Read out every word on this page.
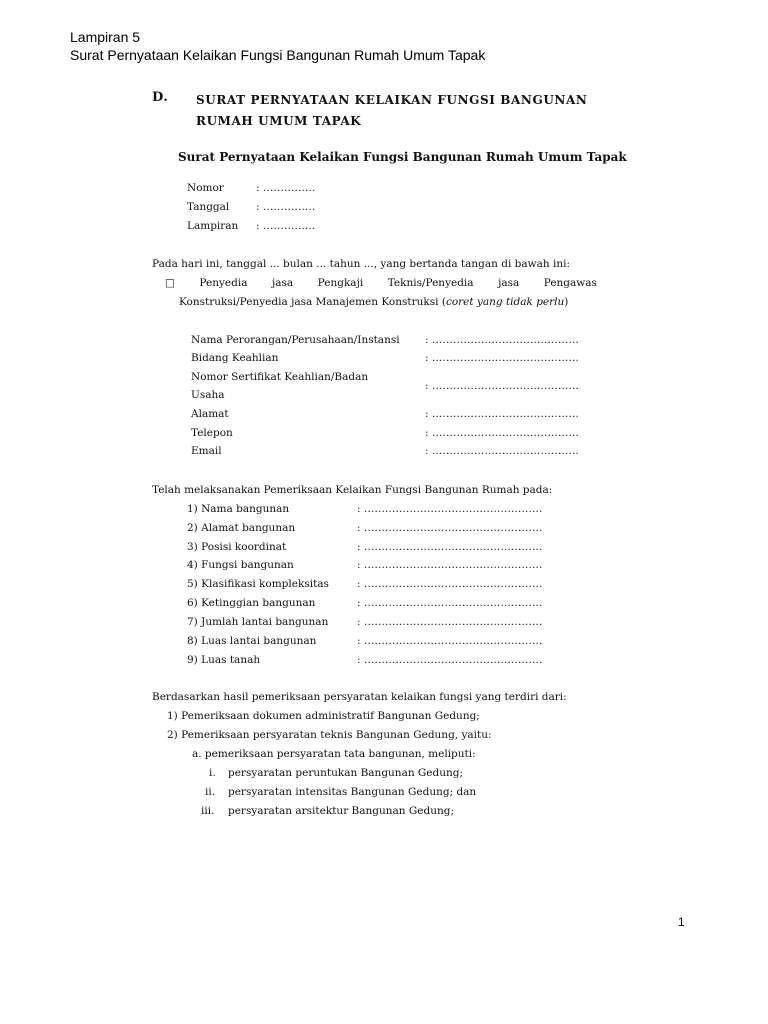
Lampiran 5
Surat Pernyataan Kelaikan Fungsi Bangunan Rumah Umum Tapak
D. SURAT PERNYATAAN KELAIKAN FUNGSI BANGUNAN RUMAH UMUM TAPAK
Surat Pernyataan Kelaikan Fungsi Bangunan Rumah Umum Tapak
Nomor	: ……………
Tanggal	: ……………
Lampiran : ……………
Pada hari ini, tanggal ... bulan ... tahun ..., yang bertanda tangan di bawah ini:
□ Penyedia jasa Pengkaji Teknis/Penyedia jasa Pengawas
Konstruksi/Penyedia jasa Manajemen Konstruksi (coret yang tidak perlu)
Nama Perorangan/Perusahaan/Instansi : ……………………………………
Bidang Keahlian	: ……………………………………
Nomor Sertifikat Keahlian/Badan
Usaha
: ……………………………………
Alamat	: ……………………………………
Telepon	: ……………………………………
Email	: ……………………………………
Telah melaksanakan Pemeriksaan Kelaikan Fungsi Bangunan Rumah pada:
1) Nama bangunan	: ……………………………………………
2) Alamat bangunan	: ……………………………………………
3) Posisi koordinat	: ……………………………………………
4) Fungsi bangunan	: ……………………………………………
5) Klasifikasi kompleksitas	: ……………………………………………
6) Ketinggian bangunan	: ……………………………………………
7) Jumlah lantai bangunan	: ……………………………………………
8) Luas lantai bangunan	: ……………………………………………
9) Luas tanah	: ……………………………………………
Berdasarkan hasil pemeriksaan persyaratan kelaikan fungsi yang terdiri dari:
1) Pemeriksaan dokumen administratif Bangunan Gedung;
2) Pemeriksaan persyaratan teknis Bangunan Gedung, yaitu:
a. pemeriksaan persyaratan tata bangunan, meliputi:
i. persyaratan peruntukan Bangunan Gedung;
ii. persyaratan intensitas Bangunan Gedung; dan
iii. persyaratan arsitektur Bangunan Gedung;
1
